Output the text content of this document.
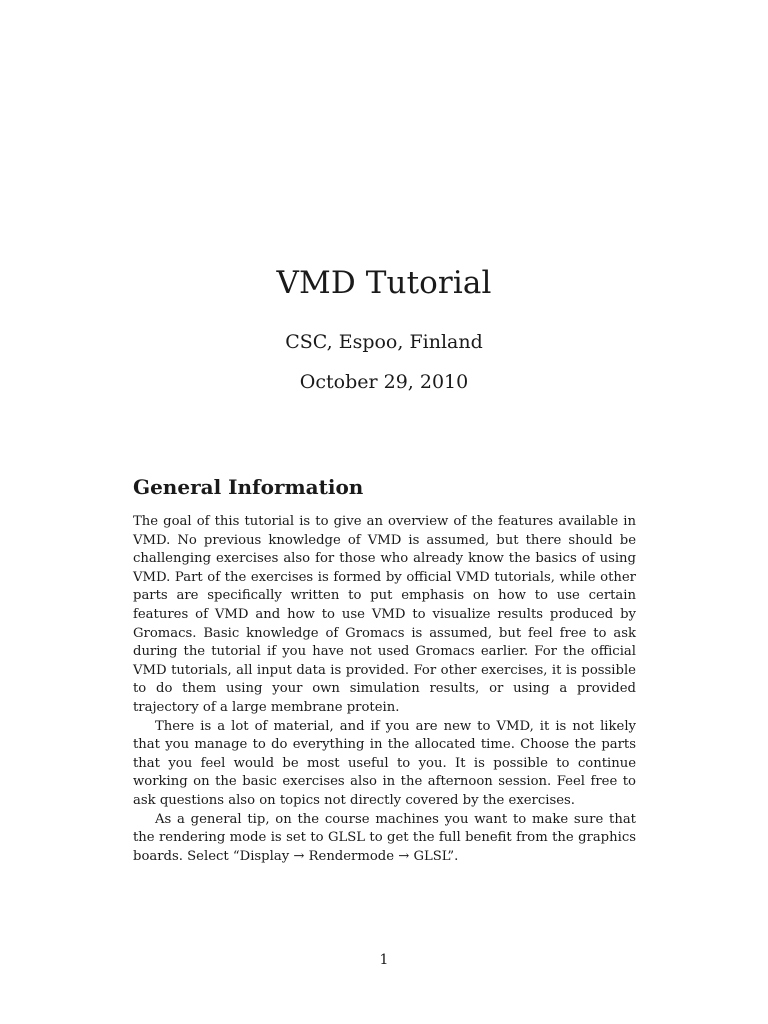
VMD Tutorial
CSC, Espoo, Finland
October 29, 2010
General Information

The goal of this tutorial is to give an overview of the features available in VMD. No previous knowledge of VMD is assumed, but there should be challenging exercises also for those who already know the basics of using VMD. Part of the exercises is formed by official VMD tutorials, while other parts are specifically written to put emphasis on how to use certain features of VMD and how to use VMD to visualize results produced by Gromacs. Basic knowledge of Gromacs is assumed, but feel free to ask during the tutorial if you have not used Gromacs earlier. For the official VMD tutorials, all input data is provided. For other exercises, it is possible to do them using your own simulation results, or using a provided trajectory of a large membrane protein.

There is a lot of material, and if you are new to VMD, it is not likely that you manage to do everything in the allocated time. Choose the parts that you feel would be most useful to you. It is possible to continue working on the basic exercises also in the afternoon session. Feel free to ask questions also on topics not directly covered by the exercises.

As a general tip, on the course machines you want to make sure that the rendering mode is set to GLSL to get the full benefit from the graphics boards. Select “Display → Rendermode → GLSL”.

1
